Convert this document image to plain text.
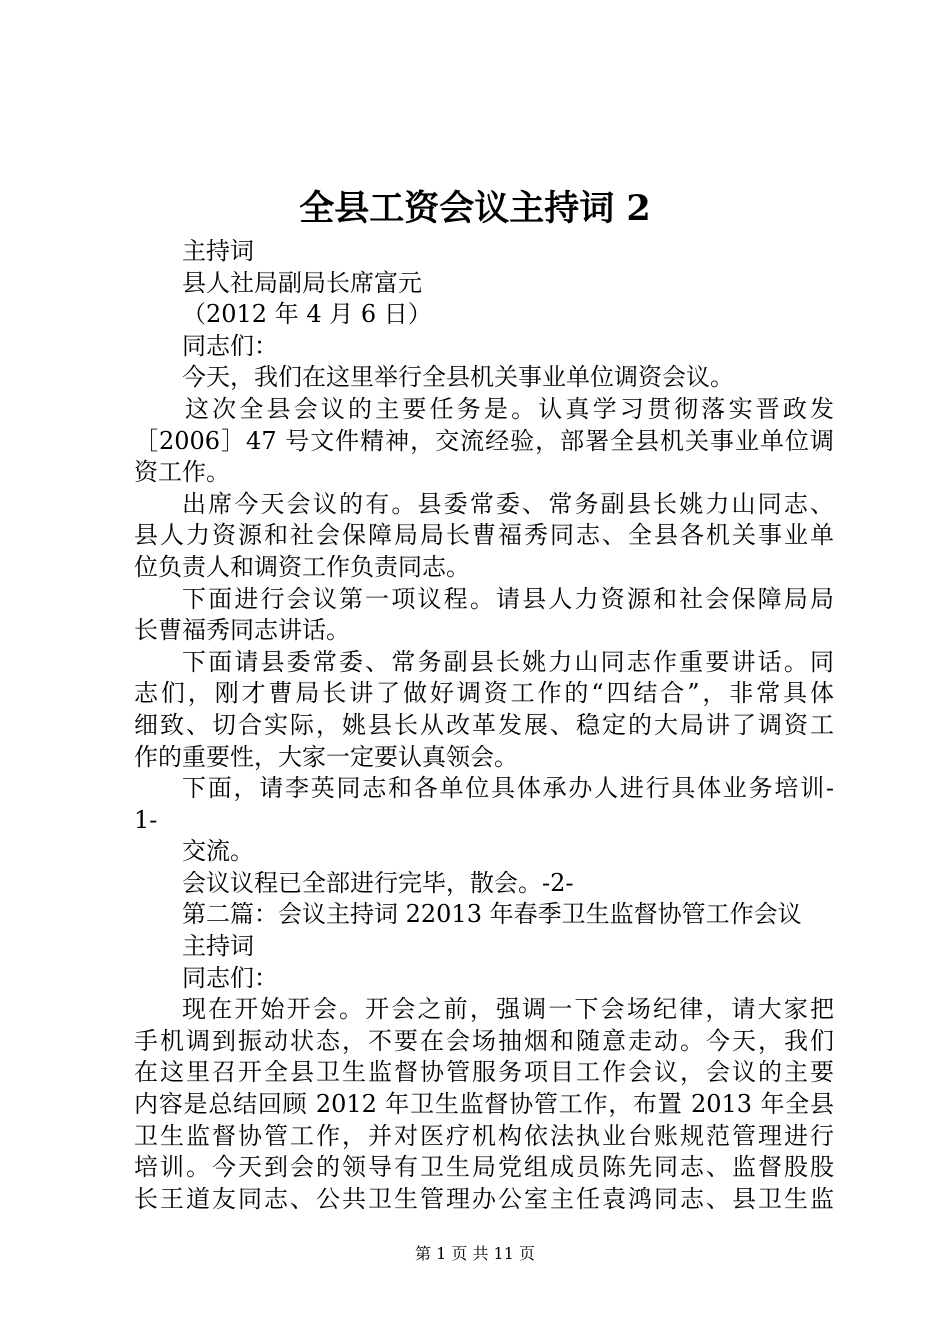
全县工资会议主持词 2

主持词

县人社局副局长席富元

（2012 年 4 月 6 日）

同志们：

今天，我们在这里举行全县机关事业单位调资会议。

这次全县会议的主要任务是。认真学习贯彻落实晋政发

［2006］47 号文件精神，交流经验，部署全县机关事业单位调

资工作。

出席今天会议的有。县委常委、常务副县长姚力山同志、

县人力资源和社会保障局局长曹福秀同志、全县各机关事业单

位负责人和调资工作负责同志。

下面进行会议第一项议程。请县人力资源和社会保障局局

长曹福秀同志讲话。

下面请县委常委、常务副县长姚力山同志作重要讲话。同

志们，刚才曹局长讲了做好调资工作的“四结合”，非常具体

细致、切合实际，姚县长从改革发展、稳定的大局讲了调资工

作的重要性，大家一定要认真领会。

下面，请李英同志和各单位具体承办人进行具体业务培训-

1-

交流。

会议议程已全部进行完毕，散会。-2-

第二篇：会议主持词 22013 年春季卫生监督协管工作会议

主持词

同志们：

现在开始开会。开会之前，强调一下会场纪律，请大家把

手机调到振动状态，不要在会场抽烟和随意走动。今天，我们

在这里召开全县卫生监督协管服务项目工作会议，会议的主要

内容是总结回顾 2012 年卫生监督协管工作，布置 2013 年全县

卫生监督协管工作，并对医疗机构依法执业台账规范管理进行

培训。今天到会的领导有卫生局党组成员陈先同志、监督股股

长王道友同志、公共卫生管理办公室主任袁鸿同志、县卫生监

第 1 页 共 11 页
